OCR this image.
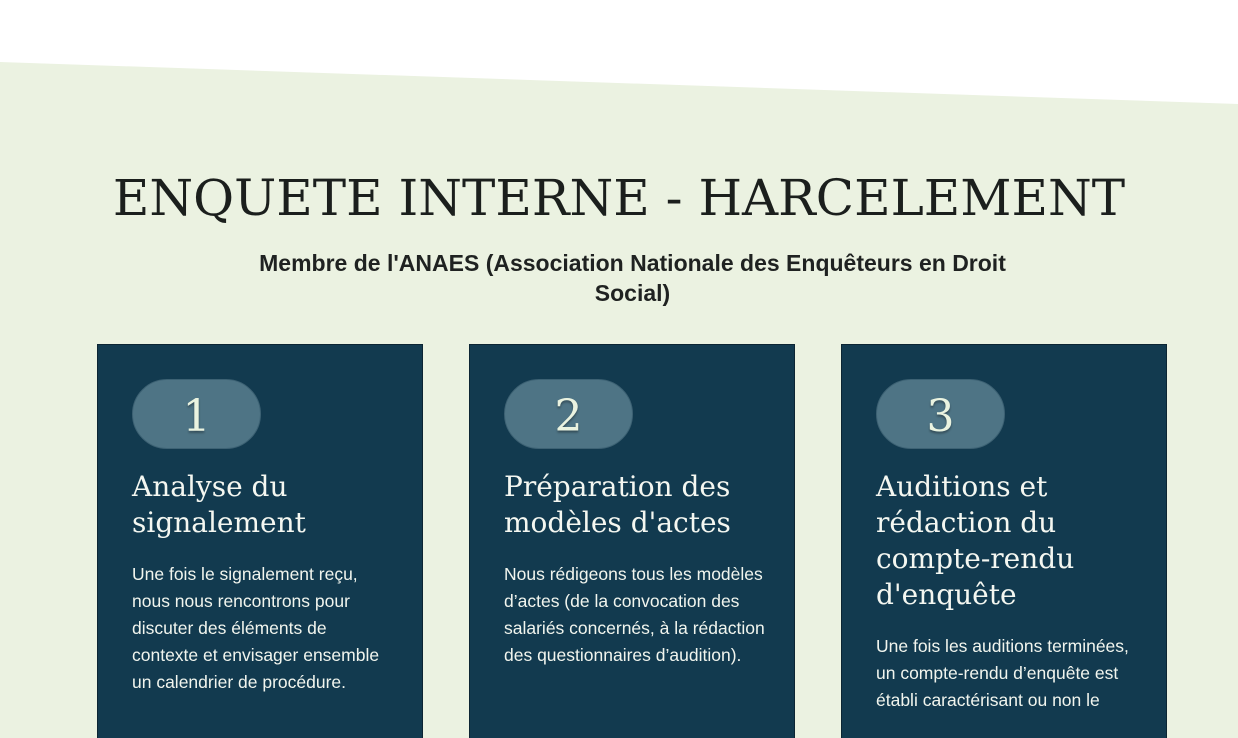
ENQUETE INTERNE - HARCELEMENT
Membre de l'ANAES (Association Nationale des Enquêteurs en Droit Social)
1
Analyse du signalement

Une fois le signalement reçu, nous nous rencontrons pour discuter des éléments de contexte et envisager ensemble un calendrier de procédure.

2
Préparation des modèles d'actes

Nous rédigeons tous les modèles d’actes (de la convocation des salariés concernés, à la rédaction des questionnaires d’audition).

3
Auditions et rédaction du compte-rendu d'enquête

Une fois les auditions terminées, un compte-rendu d’enquête est établi caractérisant ou non le
